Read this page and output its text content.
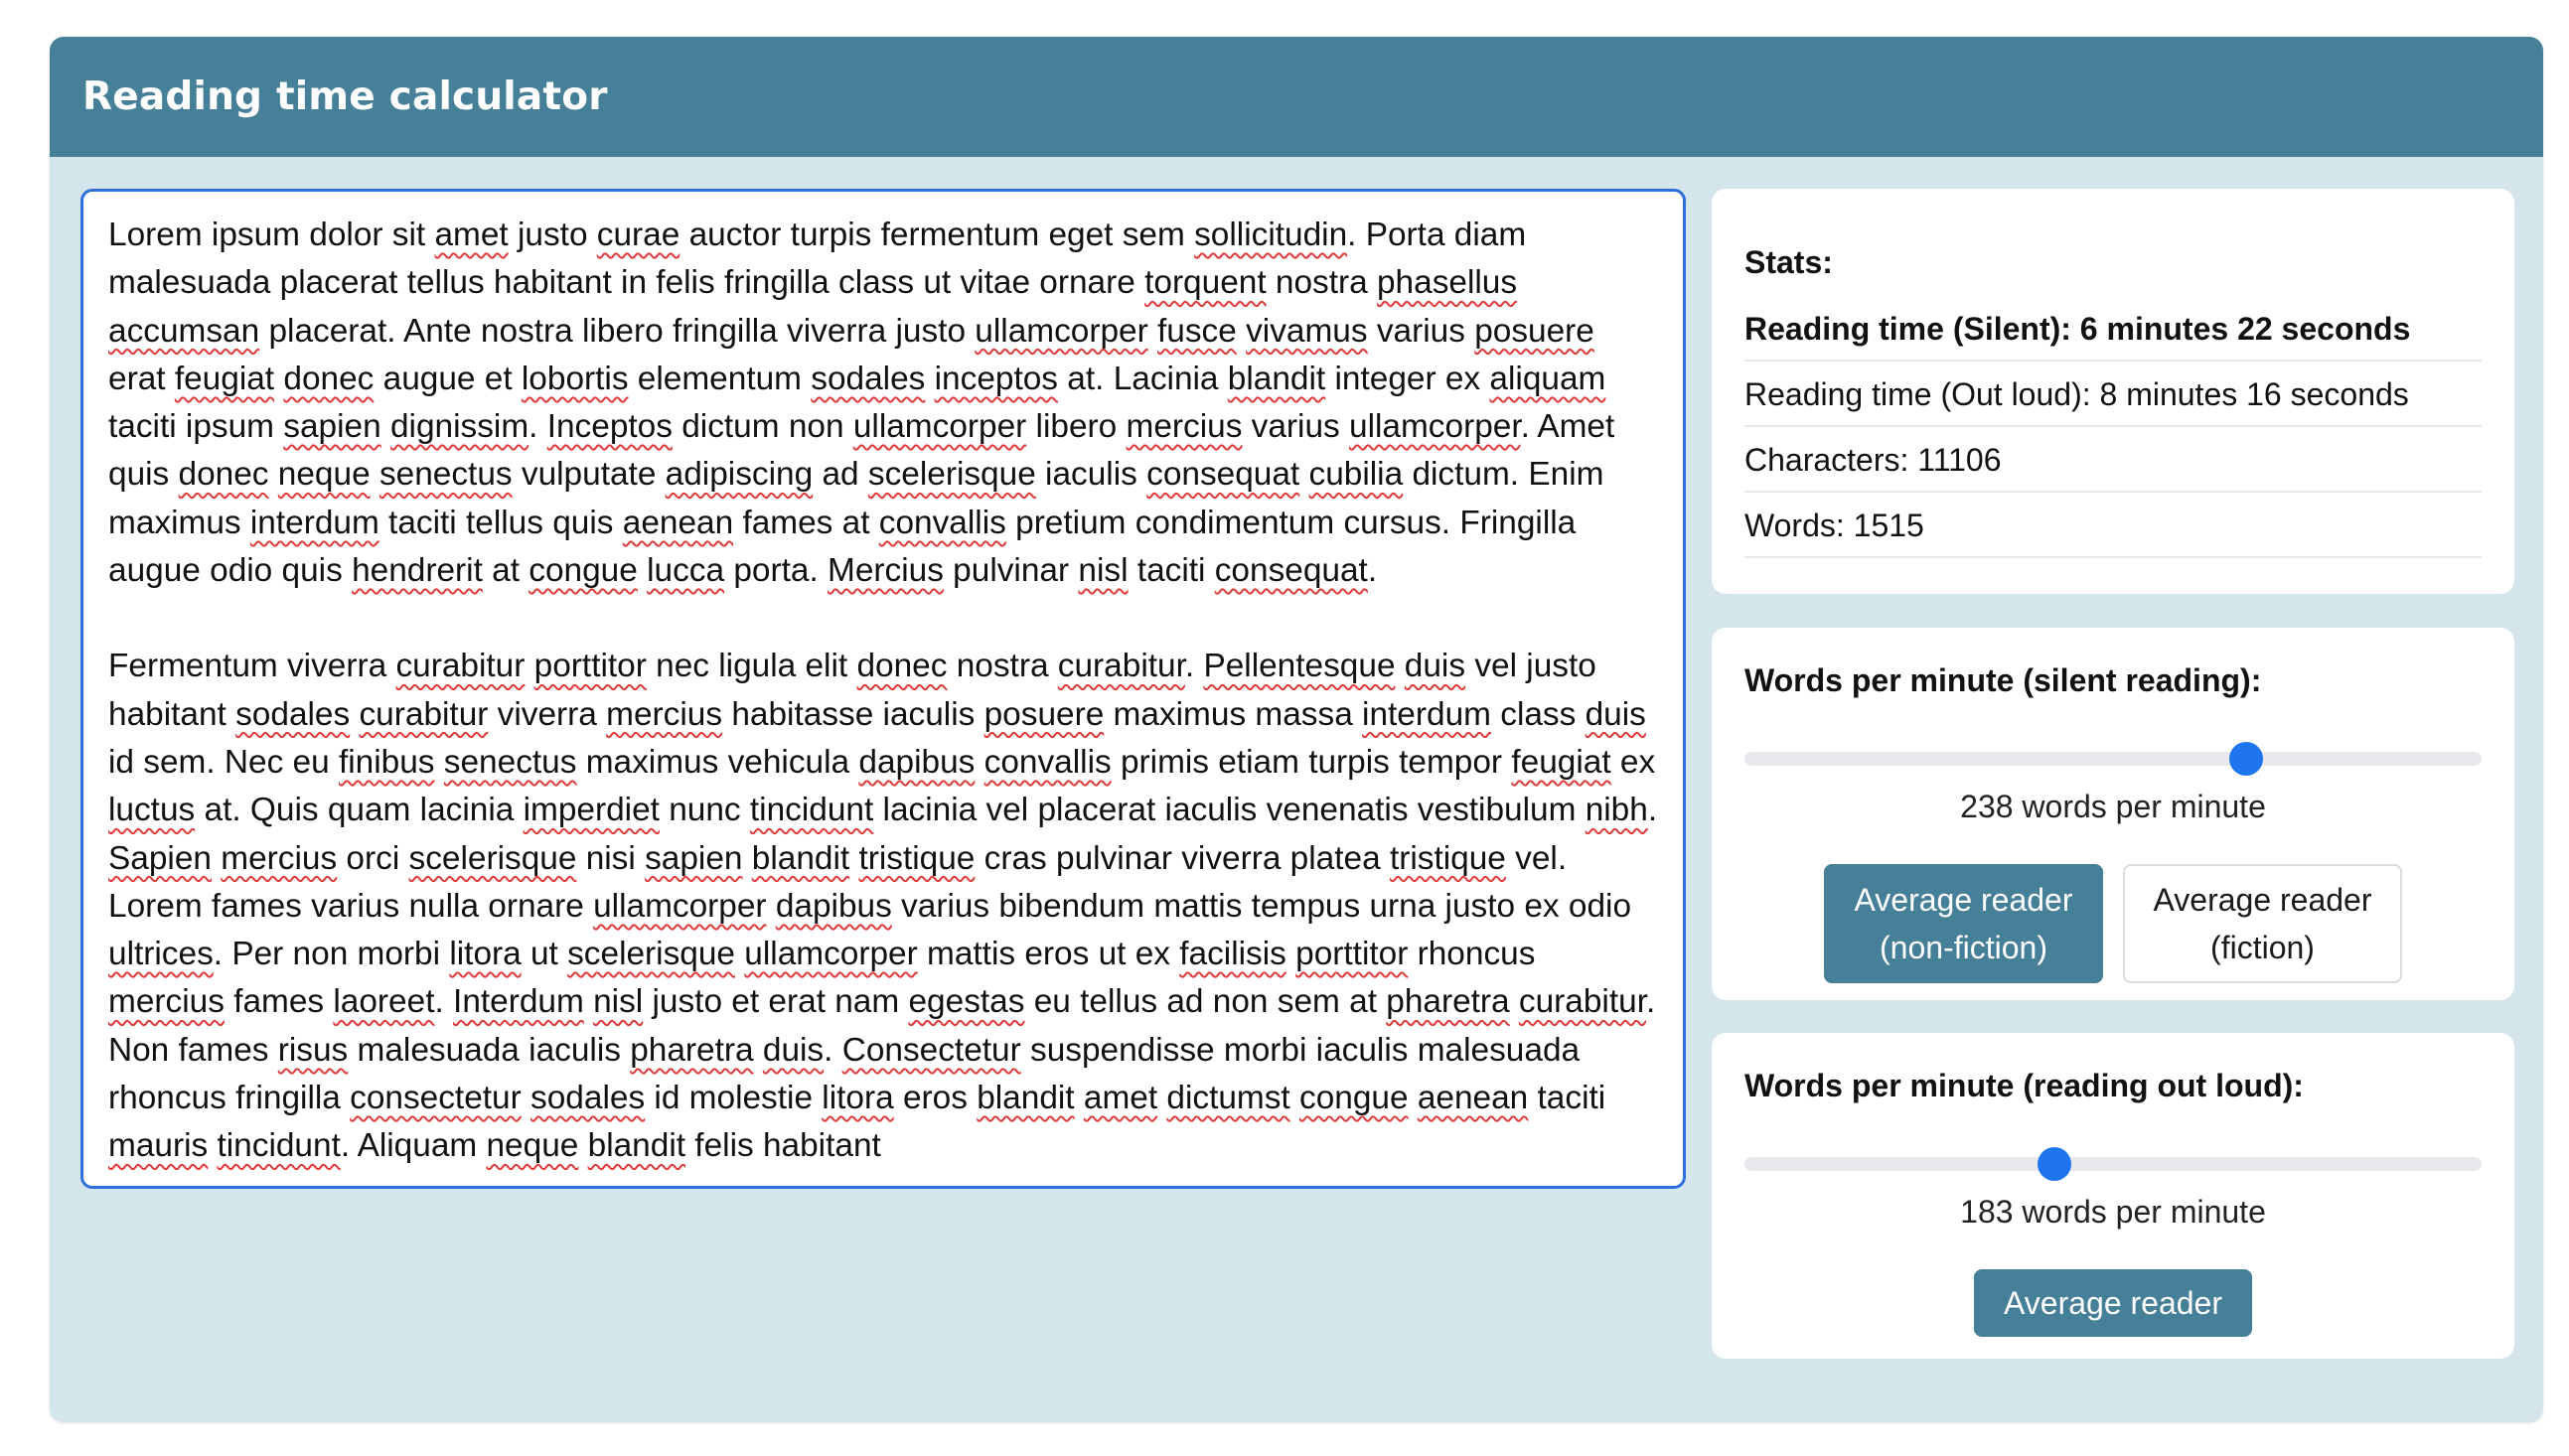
Reading time calculator

Lorem ipsum dolor sit amet justo curae auctor turpis fermentum eget sem sollicitudin. Porta diam malesuada placerat tellus habitant in felis fringilla class ut vitae ornare torquent nostra phasellus accumsan placerat. Ante nostra libero fringilla viverra justo ullamcorper fusce vivamus varius posuere erat feugiat donec augue et lobortis elementum sodales inceptos at. Lacinia blandit integer ex aliquam taciti ipsum sapien dignissim. Inceptos dictum non ullamcorper libero mercius varius ullamcorper. Amet quis donec neque senectus vulputate adipiscing ad scelerisque iaculis consequat cubilia dictum. Enim maximus interdum taciti tellus quis aenean fames at convallis pretium condimentum cursus. Fringilla augue odio quis hendrerit at congue lucca porta. Mercius pulvinar nisl taciti consequat.

Fermentum viverra curabitur porttitor nec ligula elit donec nostra curabitur. Pellentesque duis vel justo habitant sodales curabitur viverra mercius habitasse iaculis posuere maximus massa interdum class duis id sem. Nec eu finibus senectus maximus vehicula dapibus convallis primis etiam turpis tempor feugiat ex luctus at. Quis quam lacinia imperdiet nunc tincidunt lacinia vel placerat iaculis venenatis vestibulum nibh. Sapien mercius orci scelerisque nisi sapien blandit tristique cras pulvinar viverra platea tristique vel. Lorem fames varius nulla ornare ullamcorper dapibus varius bibendum mattis tempus urna justo ex odio ultrices. Per non morbi litora ut scelerisque ullamcorper mattis eros ut ex facilisis porttitor rhoncus mercius fames laoreet. Interdum nisl justo et erat nam egestas eu tellus ad non sem at pharetra curabitur. Non fames risus malesuada iaculis pharetra duis. Consectetur suspendisse morbi iaculis malesuada rhoncus fringilla consectetur sodales id molestie litora eros blandit amet dictumst congue aenean taciti mauris tincidunt. Aliquam neque blandit felis habitant

Stats:
Reading time (Silent): 6 minutes 22 seconds
Reading time (Out loud): 8 minutes 16 seconds
Characters: 11106
Words: 1515
Words per minute (silent reading):
238 words per minute
Average reader
(non-fiction)
Average reader
(fiction)
Words per minute (reading out loud):
183 words per minute
Average reader
